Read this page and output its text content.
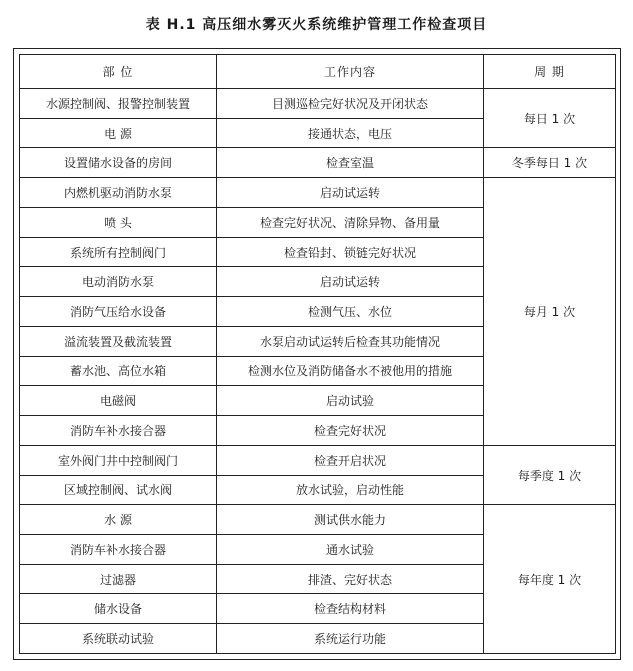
表 H.1 高压细水雾灭火系统维护管理工作检查项目
部 位	工作内容	周 期
水源控制阀、报警控制装置	目测巡检完好状况及开闭状态	每日 1 次
电 源	接通状态，电压	
设置储水设备的房间	检查室温	冬季每日 1 次
内燃机驱动消防水泵	启动试运转	每月 1 次
喷 头	检查完好状况、清除异物、备用量	
系统所有控制阀门	检查铅封、锁链完好状况	
电动消防水泵	启动试运转	
消防气压给水设备	检测气压、水位	
溢流装置及截流装置	水泵启动试运转后检查其功能情况	
蓄水池、高位水箱	检测水位及消防储备水不被他用的措施	
电磁阀	启动试验	
消防车补水接合器	检查完好状况	
室外阀门井中控制阀门	检查开启状况	每季度 1 次
区域控制阀、试水阀	放水试验，启动性能	
水 源	测试供水能力	每年度 1 次
消防车补水接合器	通水试验	
过滤器	排渣、完好状态	
储水设备	检查结构材料	
系统联动试验	系统运行功能	
